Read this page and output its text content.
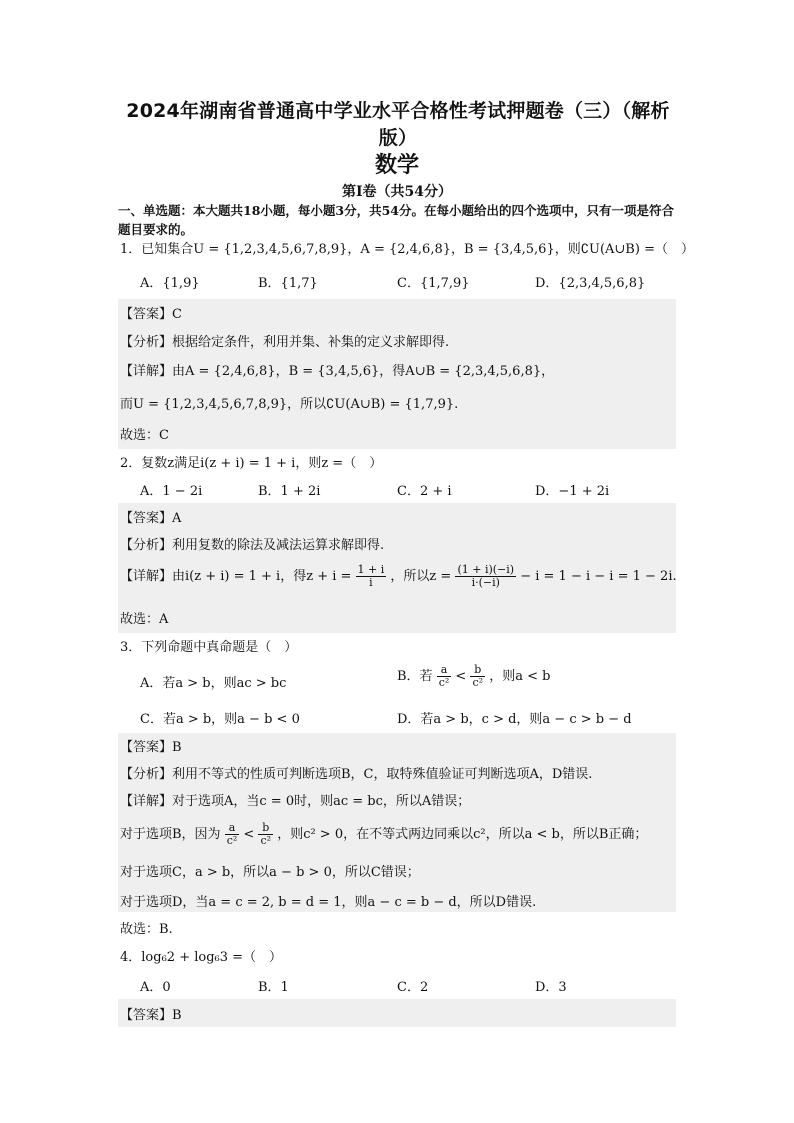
2024年湖南省普通高中学业水平合格性考试押题卷（三）（解析版）
数学
第Ⅰ卷（共54分）
一、单选题：本大题共18小题，每小题3分，共54分。在每小题给出的四个选项中，只有一项是符合题目要求的。
1．已知集合U = {1,2,3,4,5,6,7,8,9}，A = {2,4,6,8}，B = {3,4,5,6}，则∁U(A∪B) =（　）
A．{1,9}	B．{1,7}	C．{1,7,9}	D．{2,3,4,5,6,8}
【答案】C
【分析】根据给定条件，利用并集、补集的定义求解即得.
【详解】由A = {2,4,6,8}，B = {3,4,5,6}，得A∪B = {2,3,4,5,6,8}，
而U = {1,2,3,4,5,6,7,8,9}，所以∁U(A∪B) = {1,7,9}.
故选：C
2．复数z满足i(z + i) = 1 + i，则z =（　）
A．1 − 2i	B．1 + 2i	C．2 + i	D．−1 + 2i
【答案】A
【分析】利用复数的除法及减法运算求解即得.
【详解】由i(z + i) = 1 + i，得$z + i = \frac{1 + i}{i}$ ，所以$z = \frac{(1 + i)(-i)}{i\cdot(-i)} - i = 1 - i - i = 1 - 2i$.
故选：A
3．下列命题中真命题是（　）
A．若a > b，则ac > bc	B．若 $\frac{a}{\text{c²}} < \frac{b}{\text{c²}}$ ，则a < b
C．若a > b，则a − b < 0	D．若a > b，c > d，则a − c > b − d
【答案】B
【分析】利用不等式的性质可判断选项B，C，取特殊值验证可判断选项A，D错误.
【详解】对于选项A，当c = 0时，则ac = bc，所以A错误；
对于选项B，因为 $\frac{a}{\text{c²}} < \frac{b}{\text{c²}}$ ，则c² > 0，在不等式两边同乘以c²，所以a < b，所以B正确；
对于选项C，a > b，所以a − b > 0，所以C错误；
对于选项D，当a = c = 2, b = d = 1，则a − c = b − d，所以D错误.
故选：B.
4．log₆2 + log₆3 =（　）
A．0	B．1	C．2	D．3
【答案】B
